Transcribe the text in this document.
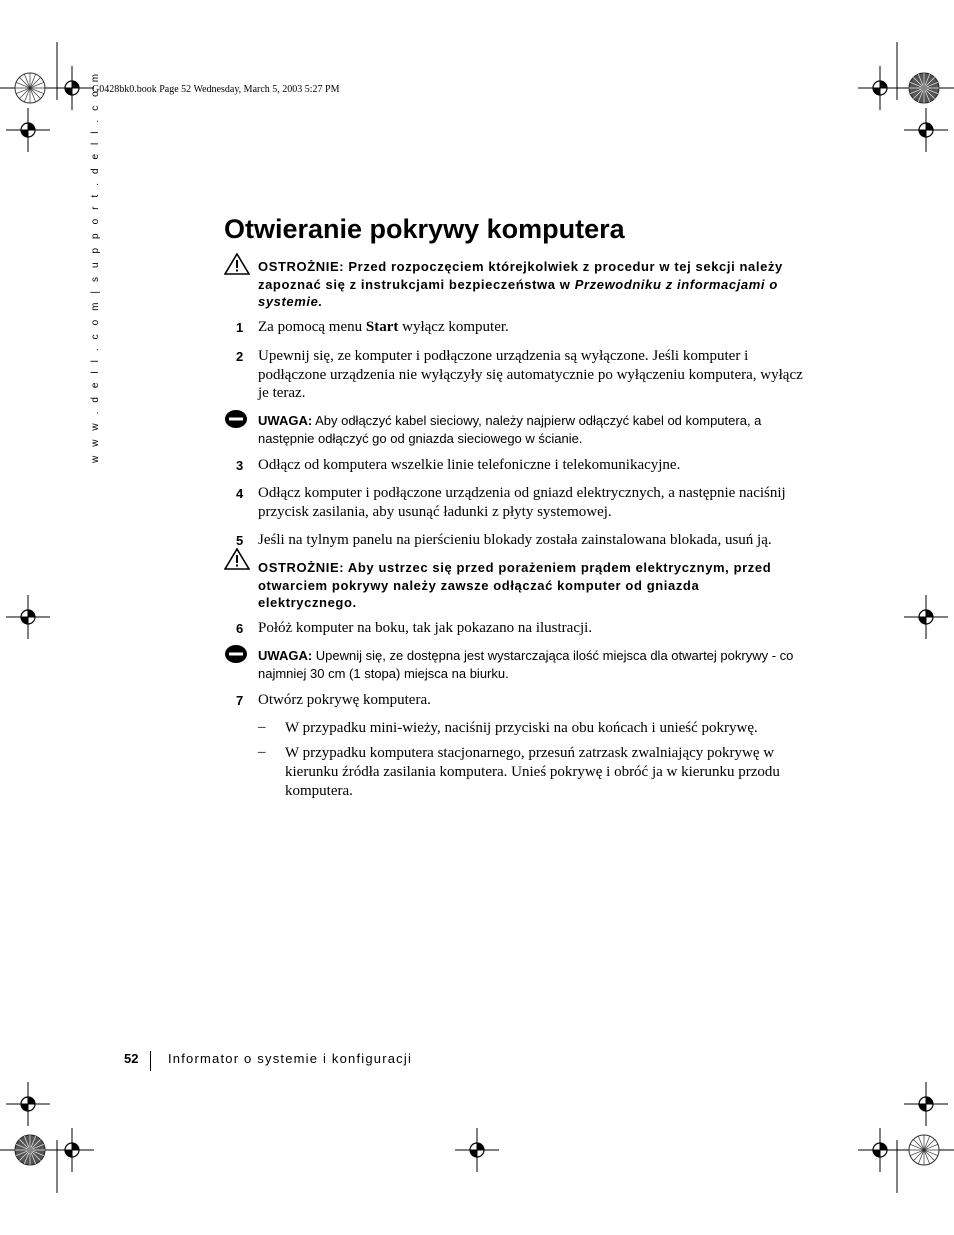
G0428bk0.book Page 52 Wednesday, March 5, 2003 5:27 PM
w w w . d e l l . c o m | s u p p o r t . d e l l . c o m	Otwieranie pokrywy komputera
OSTROŻNIE: Przed rozpoczęciem którejkolwiek z procedur w tej sekcji należy zapoznać się z instrukcjami bezpieczeństwa w Przewodniku z informacjami o systemie.
1 Za pomocą menu Start wyłącz komputer.
2 Upewnij się, ze komputer i podłączone urządzenia są wyłączone. Jeśli komputer i podłączone urządzenia nie wyłączyły się automatycznie po wyłączeniu komputera, wyłącz je teraz.
UWAGA: Aby odłączyć kabel sieciowy, należy najpierw odłączyć kabel od komputera, a następnie odłączyć go od gniazda sieciowego w ścianie.
3 Odłącz od komputera wszelkie linie telefoniczne i telekomunikacyjne.
4 Odłącz komputer i podłączone urządzenia od gniazd elektrycznych, a następnie naciśnij przycisk zasilania, aby usunąć ładunki z płyty systemowej.
5 Jeśli na tylnym panelu na pierścieniu blokady została zainstalowana blokada, usuń ją.
OSTROŻNIE: Aby ustrzec się przed porażeniem prądem elektrycznym, przed otwarciem pokrywy należy zawsze odłączać komputer od gniazda elektrycznego.
6 Połóż komputer na boku, tak jak pokazano na ilustracji.
UWAGA: Upewnij się, ze dostępna jest wystarczająca ilość miejsca dla otwartej pokrywy - co najmniej 30 cm (1 stopa) miejsca na biurku.
7 Otwórz pokrywę komputera.
– W przypadku mini-wieży, naciśnij przyciski na obu końcach i unieść pokrywę.
– W przypadku komputera stacjonarnego, przesuń zatrzask zwalniający pokrywę w kierunku źródła zasilania komputera. Unieś pokrywę i obróć ja w kierunku przodu komputera.
52 Informator o systemie i konfiguracji
